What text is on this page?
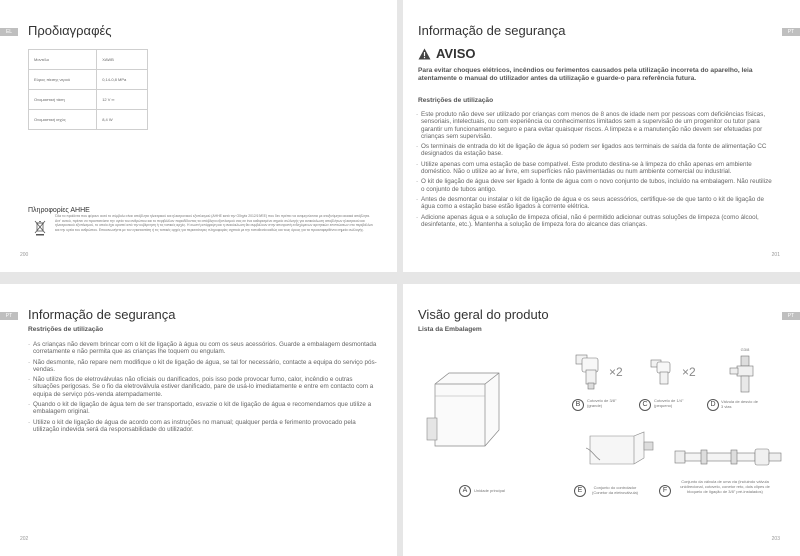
EL	Προδιαγραφές
Μοντέλο	XAWB
Εύρος πίεσης νερού	0,14-0,8 MPa
Ονομαστική τάση	12 V ═
Ονομαστική ισχύς	8,4 W
Πληροφορίες ΑΗΗΕ
Όλα τα προϊόντα που φέρουν αυτό το σύμβολο είναι απόβλητα ηλεκτρικού και ηλεκτρονικού εξοπλισμού (ΑΗΗΕ κατά την Οδηγία 2012/19/ΕΕ) που δεν πρέπει να αναμιγνύονται με αταξινόμητα οικιακά απόβλητα. Αντ' αυτού, πρέπει να προστατεύετε την υγεία του ανθρώπου και το περιβάλλον παραδίδοντας τα απόβλητα εξοπλισμού σας σε ένα καθορισμένο σημείο συλλογής για ανακύκλωση αποβλήτων ηλεκτρικού και ηλεκτρονικού εξοπλισμού, το οποίο έχει οριστεί από την κυβέρνηση ή τις τοπικές αρχές. Η σωστή απόρριψη και η ανακύκλωση θα συμβάλουν στην αποτροπή ενδεχόμενων αρνητικών επιπτώσεων στο περιβάλλον και την υγεία του ανθρώπου. Επικοινωνήστε με τον εγκαταστάτη ή τις τοπικές αρχές για περισσότερες πληροφορίες σχετικά με την τοποθεσία καθώς και τους όρους για τα προαναφερθέντα σημεία συλλογής.
200
PT
Informação de segurança
201
AVISO
Para evitar choques elétricos, incêndios ou ferimentos causados pela utilização incorreta do aparelho, leia atentamente o manual do utilizador antes da utilização e guarde-o para referência futura.
Restrições de utilização
· Este produto não deve ser utilizado por crianças com menos de 8 anos de idade nem por pessoas com deficiências físicas, sensoriais, intelectuais, ou com experiência ou conhecimentos limitados sem a supervisão de um progenitor ou tutor para garantir um funcionamento seguro e para evitar quaisquer riscos. A limpeza e a manutenção não devem ser efetuadas por crianças sem supervisão.
· Os terminais de entrada do kit de ligação de água só podem ser ligados aos terminais de saída da fonte de alimentação CC designados da estação base.
· Utilize apenas com uma estação de base compatível. Este produto destina-se à limpeza do chão apenas em ambiente doméstico. Não o utilize ao ar livre, em superfícies não pavimentadas ou num ambiente comercial ou industrial.
· O kit de ligação de água deve ser ligado à fonte de água com o novo conjunto de tubos, incluído na embalagem. Não reutilize o conjunto de tubos antigo.
· Antes de desmontar ou instalar o kit de ligação de água e os seus acessórios, certifique-se de que tanto o kit de ligação de água como a estação base estão ligados à corrente elétrica.
· Adicione apenas água e a solução de limpeza oficial, não é permitido adicionar outras soluções de limpeza (como álcool, desinfetante, etc.). Mantenha a solução de limpeza fora do alcance das crianças.
PT	Informação de segurança
Restrições de utilização
· As crianças não devem brincar com o kit de ligação à água ou com os seus acessórios. Guarde a embalagem desmontada corretamente e não permita que as crianças lhe toquem ou engulam.
· Não desmonte, não repare nem modifique o kit de ligação de água, se tal for necessário, contacte a equipa do serviço pós-vendas.
· Não utilize fios de eletroválvulas não oficiais ou danificados, pois isso pode provocar fumo, calor, incêndio e outras situações perigosas. Se o fio da eletroválvula estiver danificado, pare de usá-lo imediatamente e entre em contacto com a equipa de serviço pós-venda atempadamente.
· Quando o kit de ligação de água tem de ser transportado, esvazie o kit de ligação de água e recomendamos que utilize a embalagem original.
· Utilize o kit de ligação de água de acordo com as instruções no manual; qualquer perda e ferimento provocado pela utilização indevida será da responsabilidade do utilizador.
202
PT
Visão geral do produto
Lista da Embalagem
×2	×2
G3/8
B
Cotovelo de 3/8" (grande)	C
Cotovelo de 1/4" (pequeno)	D	Válvula de desvio de 3 vias
A	Unidade principal	E	Conjunto do controlador (Conetor da eletroválvula)	F
Conjunto da válvula de uma via (incluindo válvula unidirecional, cotovelo, conetor reto, dois clipes de bloqueio de ligação de 3/8" pré-instalados)
203
